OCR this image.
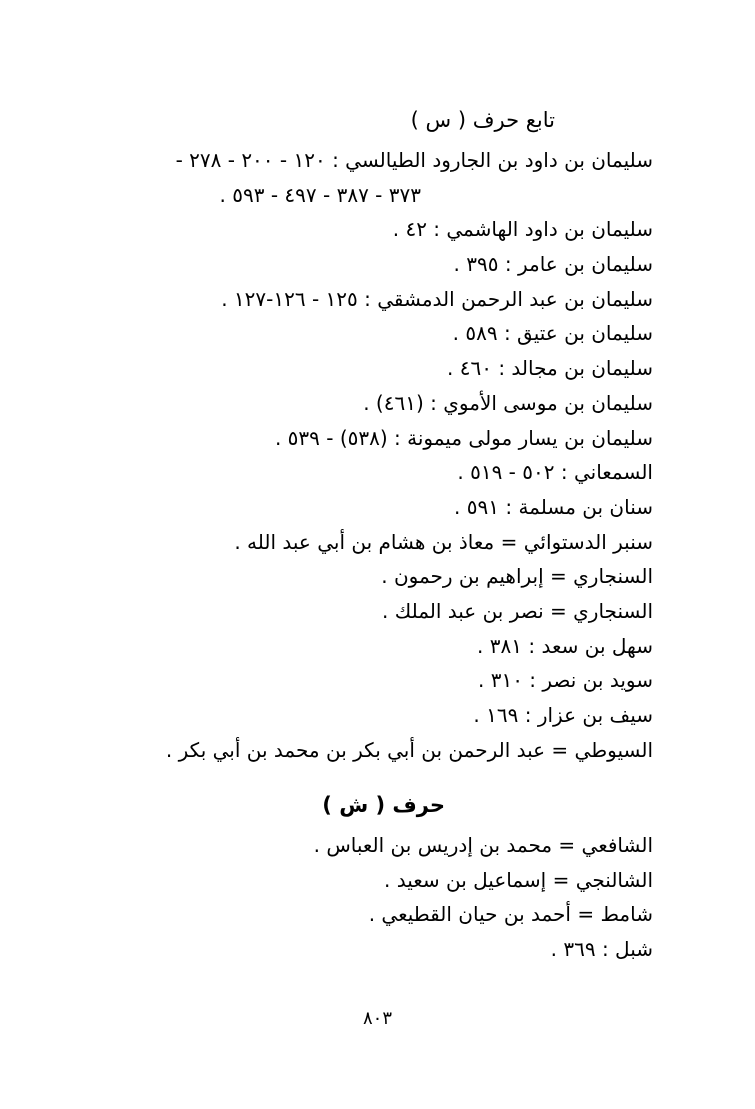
تابع حرف ( س )
سليمان بن داود بن الجارود الطيالسي : ١٢٠ - ٢٠٠ - ٢٧٨ -
٣٧٣ - ٣٨٧ - ٤٩٧ - ٥٩٣ .
سليمان بن داود الهاشمي : ٤٢ .
سليمان بن عامر : ٣٩٥ .
سليمان بن عبد الرحمن الدمشقي : ١٢٥ - ١٢٦-١٢٧ .
سليمان بن عتيق : ٥٨٩ .
سليمان بن مجالد : ٤٦٠ .
سليمان بن موسى الأموي : (٤٦١) .
سليمان بن يسار مولى ميمونة : (٥٣٨) - ٥٣٩ .
السمعاني : ٥٠٢ - ٥١٩ .
سنان بن مسلمة : ٥٩١ .
سنبر الدستوائي = معاذ بن هشام بن أبي عبد الله .
السنجاري = إبراهيم بن رحمون .
السنجاري = نصر بن عبد الملك .
سهل بن سعد : ٣٨١ .
سويد بن نصر : ٣١٠ .
سيف بن عزار : ١٦٩ .
السيوطي = عبد الرحمن بن أبي بكر بن محمد بن أبي بكر .
حرف ( ش )
الشافعي = محمد بن إدريس بن العباس .
الشالنجي = إسماعيل بن سعيد .
شامط = أحمد بن حيان القطيعي .
شبل : ٣٦٩ .
٨٠٣
